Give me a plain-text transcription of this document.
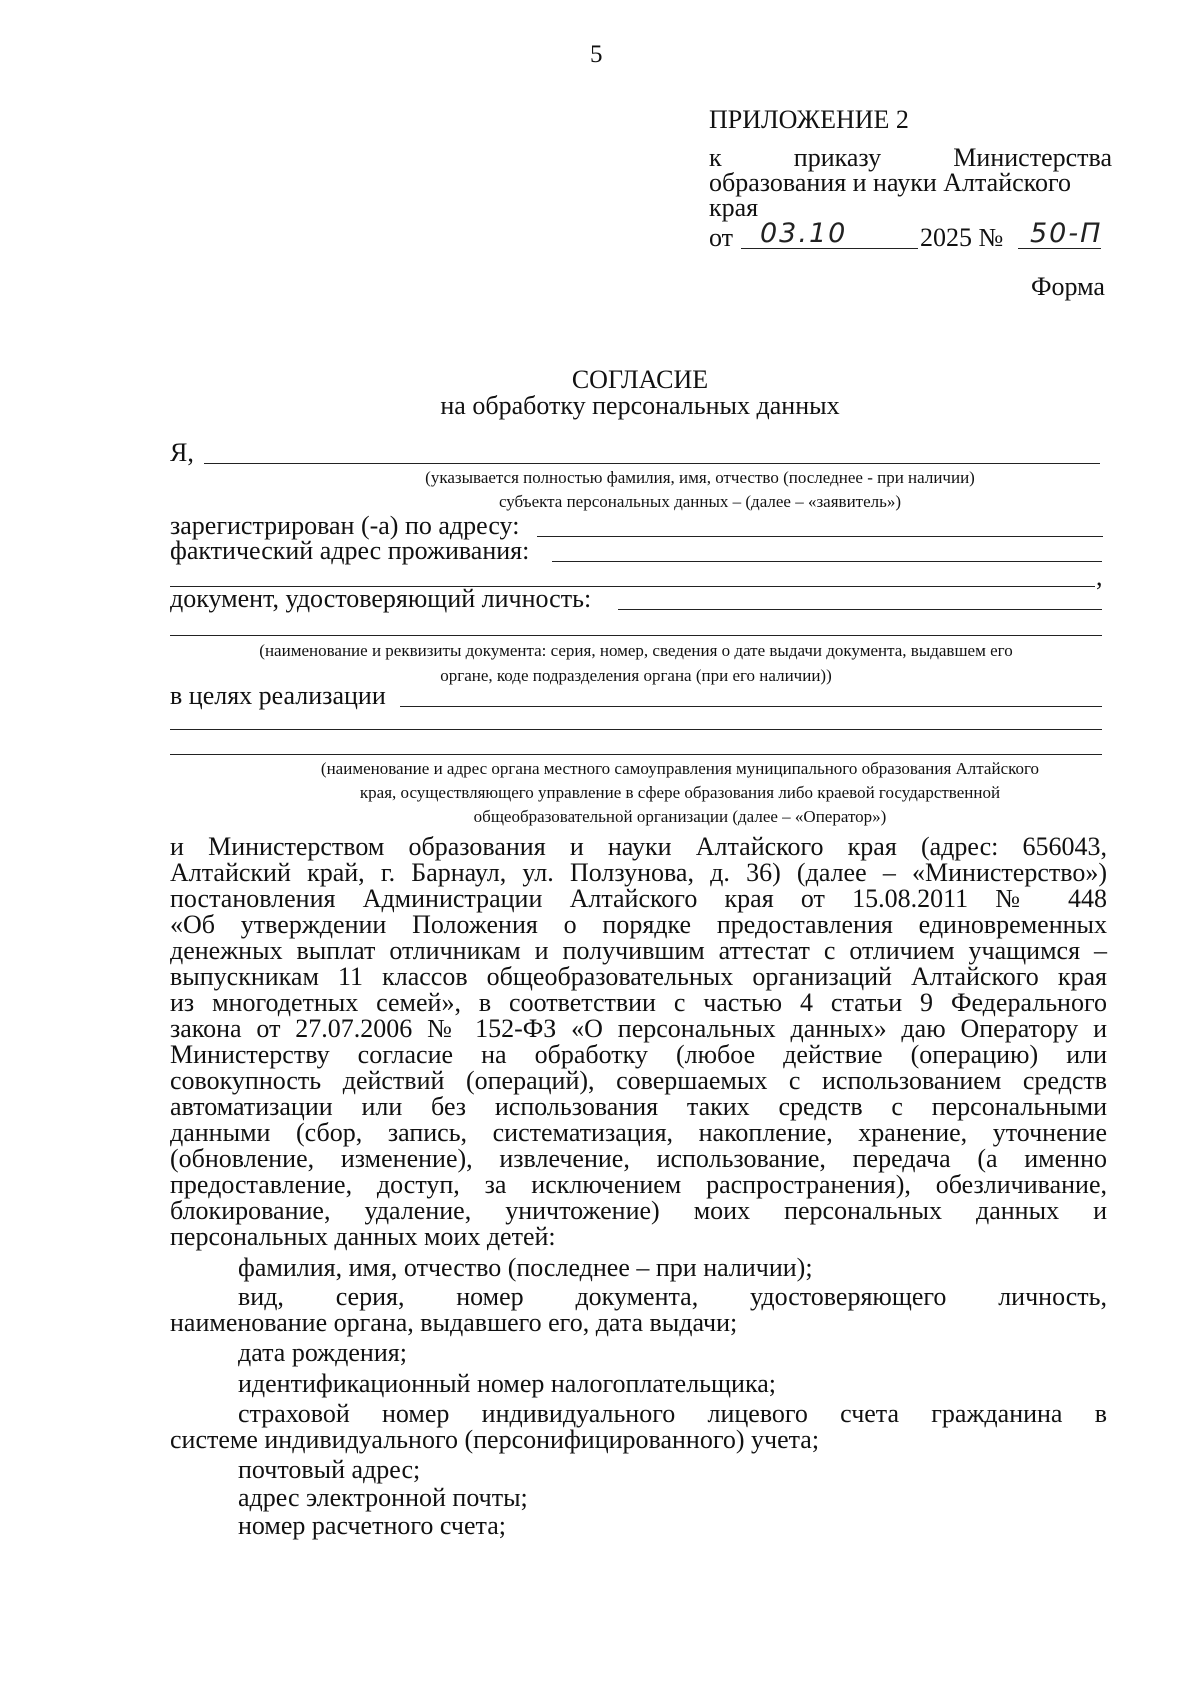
5
ПРИЛОЖЕНИЕ 2
к приказу Министерства
образования и науки Алтайского
края
от 03.10	2025 № 50-П
Форма
СОГЛАСИЕ
на обработку персональных данных
Я,
(указывается полностью фамилия, имя, отчество (последнее - при наличии)
субъекта персональных данных – (далее – «заявитель»)
зарегистрирован (-а) по адресу:
фактический адрес проживания:
,
документ, удостоверяющий личность:
(наименование и реквизиты документа: серия, номер, сведения о дате выдачи документа, выдавшем его
органе, коде подразделения органа (при его наличии))
в целях реализации
(наименование и адрес органа местного самоуправления муниципального образования Алтайского
края, осуществляющего управление в сфере образования либо краевой государственной
общеобразовательной организации (далее – «Оператор»)
и Министерством образования и науки Алтайского края (адрес: 656043,
Алтайский край, г. Барнаул, ул. Ползунова, д. 36) (далее – «Министерство»)
постановления Администрации Алтайского края от 15.08.2011 № 448
«Об утверждении Положения о порядке предоставления единовременных
денежных выплат отличникам и получившим аттестат с отличием учащимся –
выпускникам 11 классов общеобразовательных организаций Алтайского края
из многодетных семей», в соответствии с частью 4 статьи 9 Федерального
закона от 27.07.2006 № 152-ФЗ «О персональных данных» даю Оператору и
Министерству согласие на обработку (любое действие (операцию) или
совокупность действий (операций), совершаемых с использованием средств
автоматизации или без использования таких средств с персональными
данными (сбор, запись, систематизация, накопление, хранение, уточнение
(обновление, изменение), извлечение, использование, передача (а именно
предоставление, доступ, за исключением распространения), обезличивание,
блокирование, удаление, уничтожение) моих персональных данных и
персональных данных моих детей:
фамилия, имя, отчество (последнее – при наличии);
вид, серия, номер документа, удостоверяющего личность,
наименование органа, выдавшего его, дата выдачи;
дата рождения;
идентификационный номер налогоплательщика;
страховой номер индивидуального лицевого счета гражданина в
системе индивидуального (персонифицированного) учета;
почтовый адрес;
адрес электронной почты;
номер расчетного счета;
